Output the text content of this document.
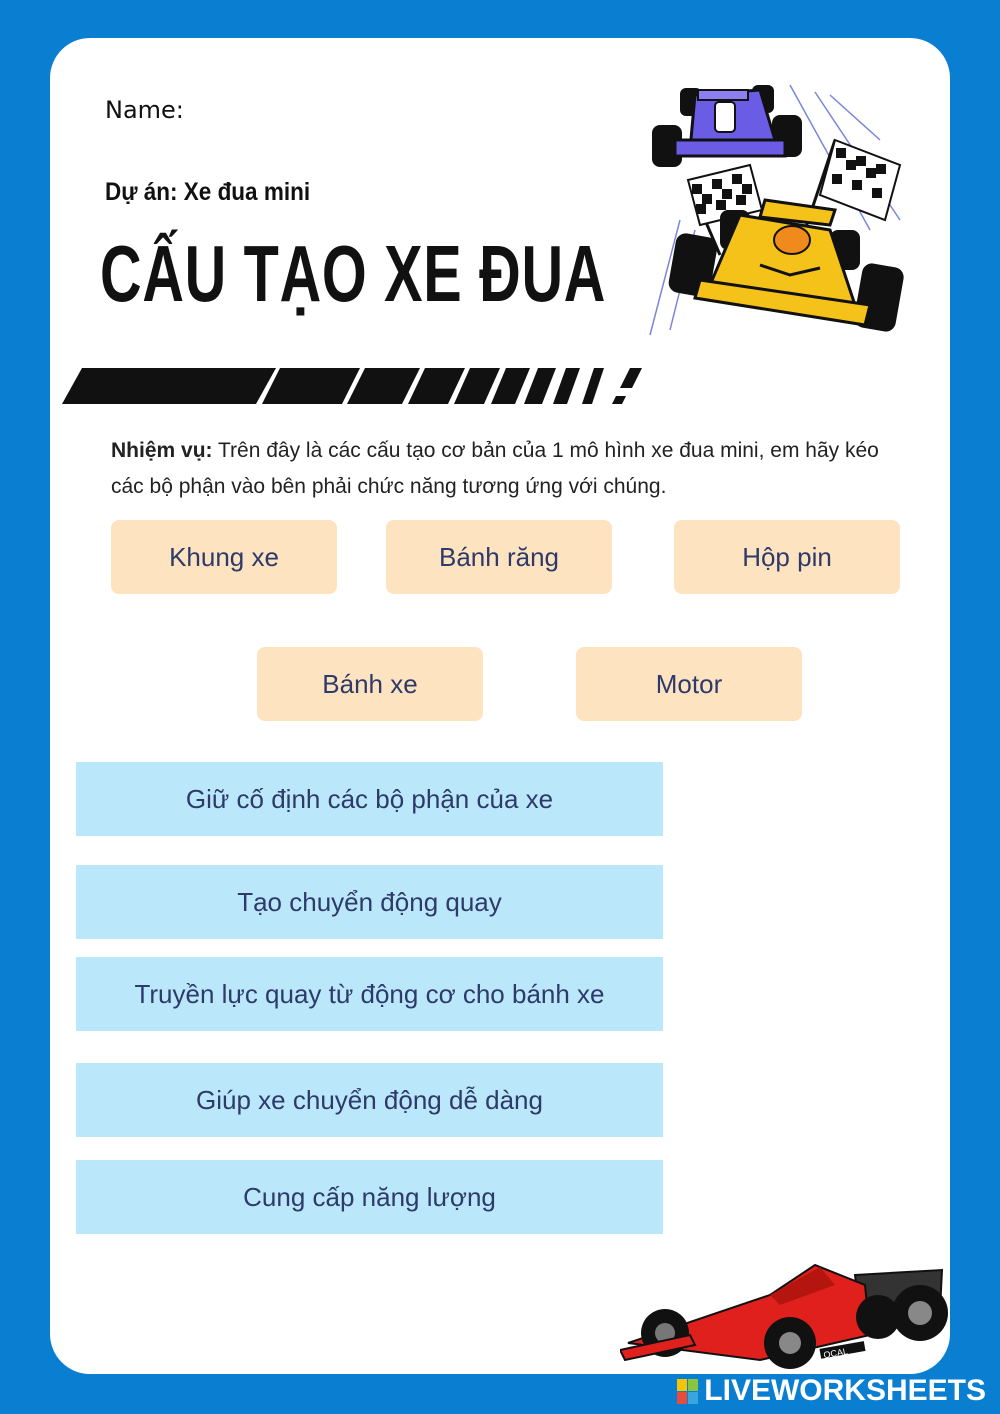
Name:
Dự án: Xe đua mini
CẤU TẠO XE ĐUA
Nhiệm vụ: Trên đây là các cấu tạo cơ bản của 1 mô hình xe đua mini, em hãy kéo các bộ phận vào bên phải chức năng tương ứng với chúng.
Khung xe	Bánh răng	Hộp pin
Bánh xe	Motor
Giữ cố định các bộ phận của xe
Tạo chuyển động quay
Truyền lực quay từ động cơ cho bánh xe
Giúp xe chuyển động dễ dàng
Cung cấp năng lượng
OCAL
LIVEWORKSHEETS
